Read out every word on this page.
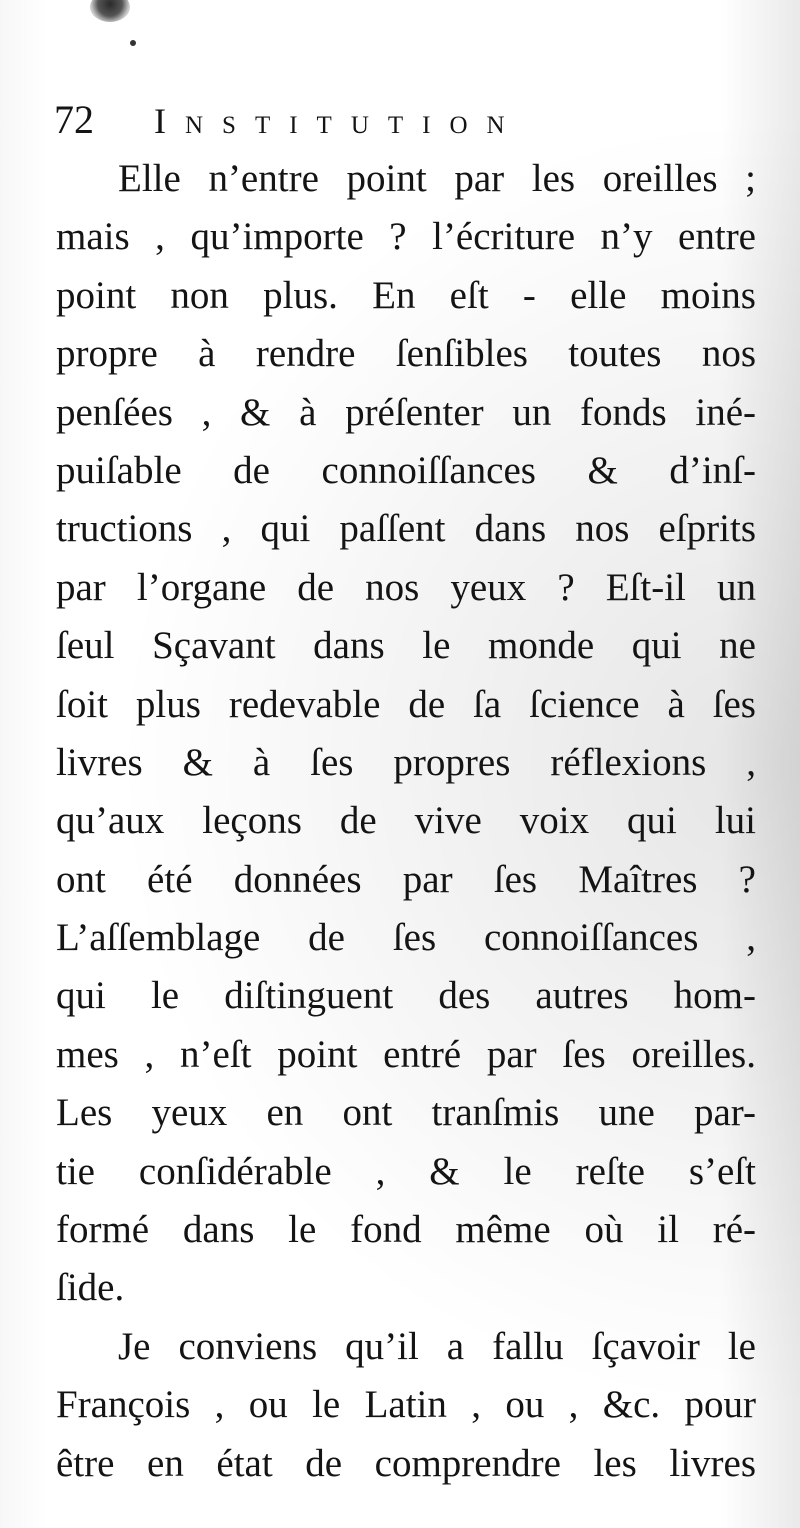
72 Institution
Elle n’entre point par les oreilles ;
mais , qu’importe ? l’écriture n’y entre
point non plus. En eſt - elle moins
propre à rendre ſenſibles toutes nos
penſées , & à préſenter un fonds iné-
puiſable de connoiſſances & d’inſ-
tructions , qui paſſent dans nos eſprits
par l’organe de nos yeux ? Eſt-il un
ſeul Sçavant dans le monde qui ne
ſoit plus redevable de ſa ſcience à ſes
livres & à ſes propres réflexions ,
qu’aux leçons de vive voix qui lui
ont été données par ſes Maîtres ?
L’aſſemblage de ſes connoiſſances ,
qui le diſtinguent des autres hom-
mes , n’eſt point entré par ſes oreilles.
Les yeux en ont tranſmis une par-
tie conſidérable , & le reſte s’eſt
formé dans le fond même où il ré-
ſide.
Je conviens qu’il a fallu ſçavoir le
François , ou le Latin , ou , &c. pour
être en état de comprendre les livres
